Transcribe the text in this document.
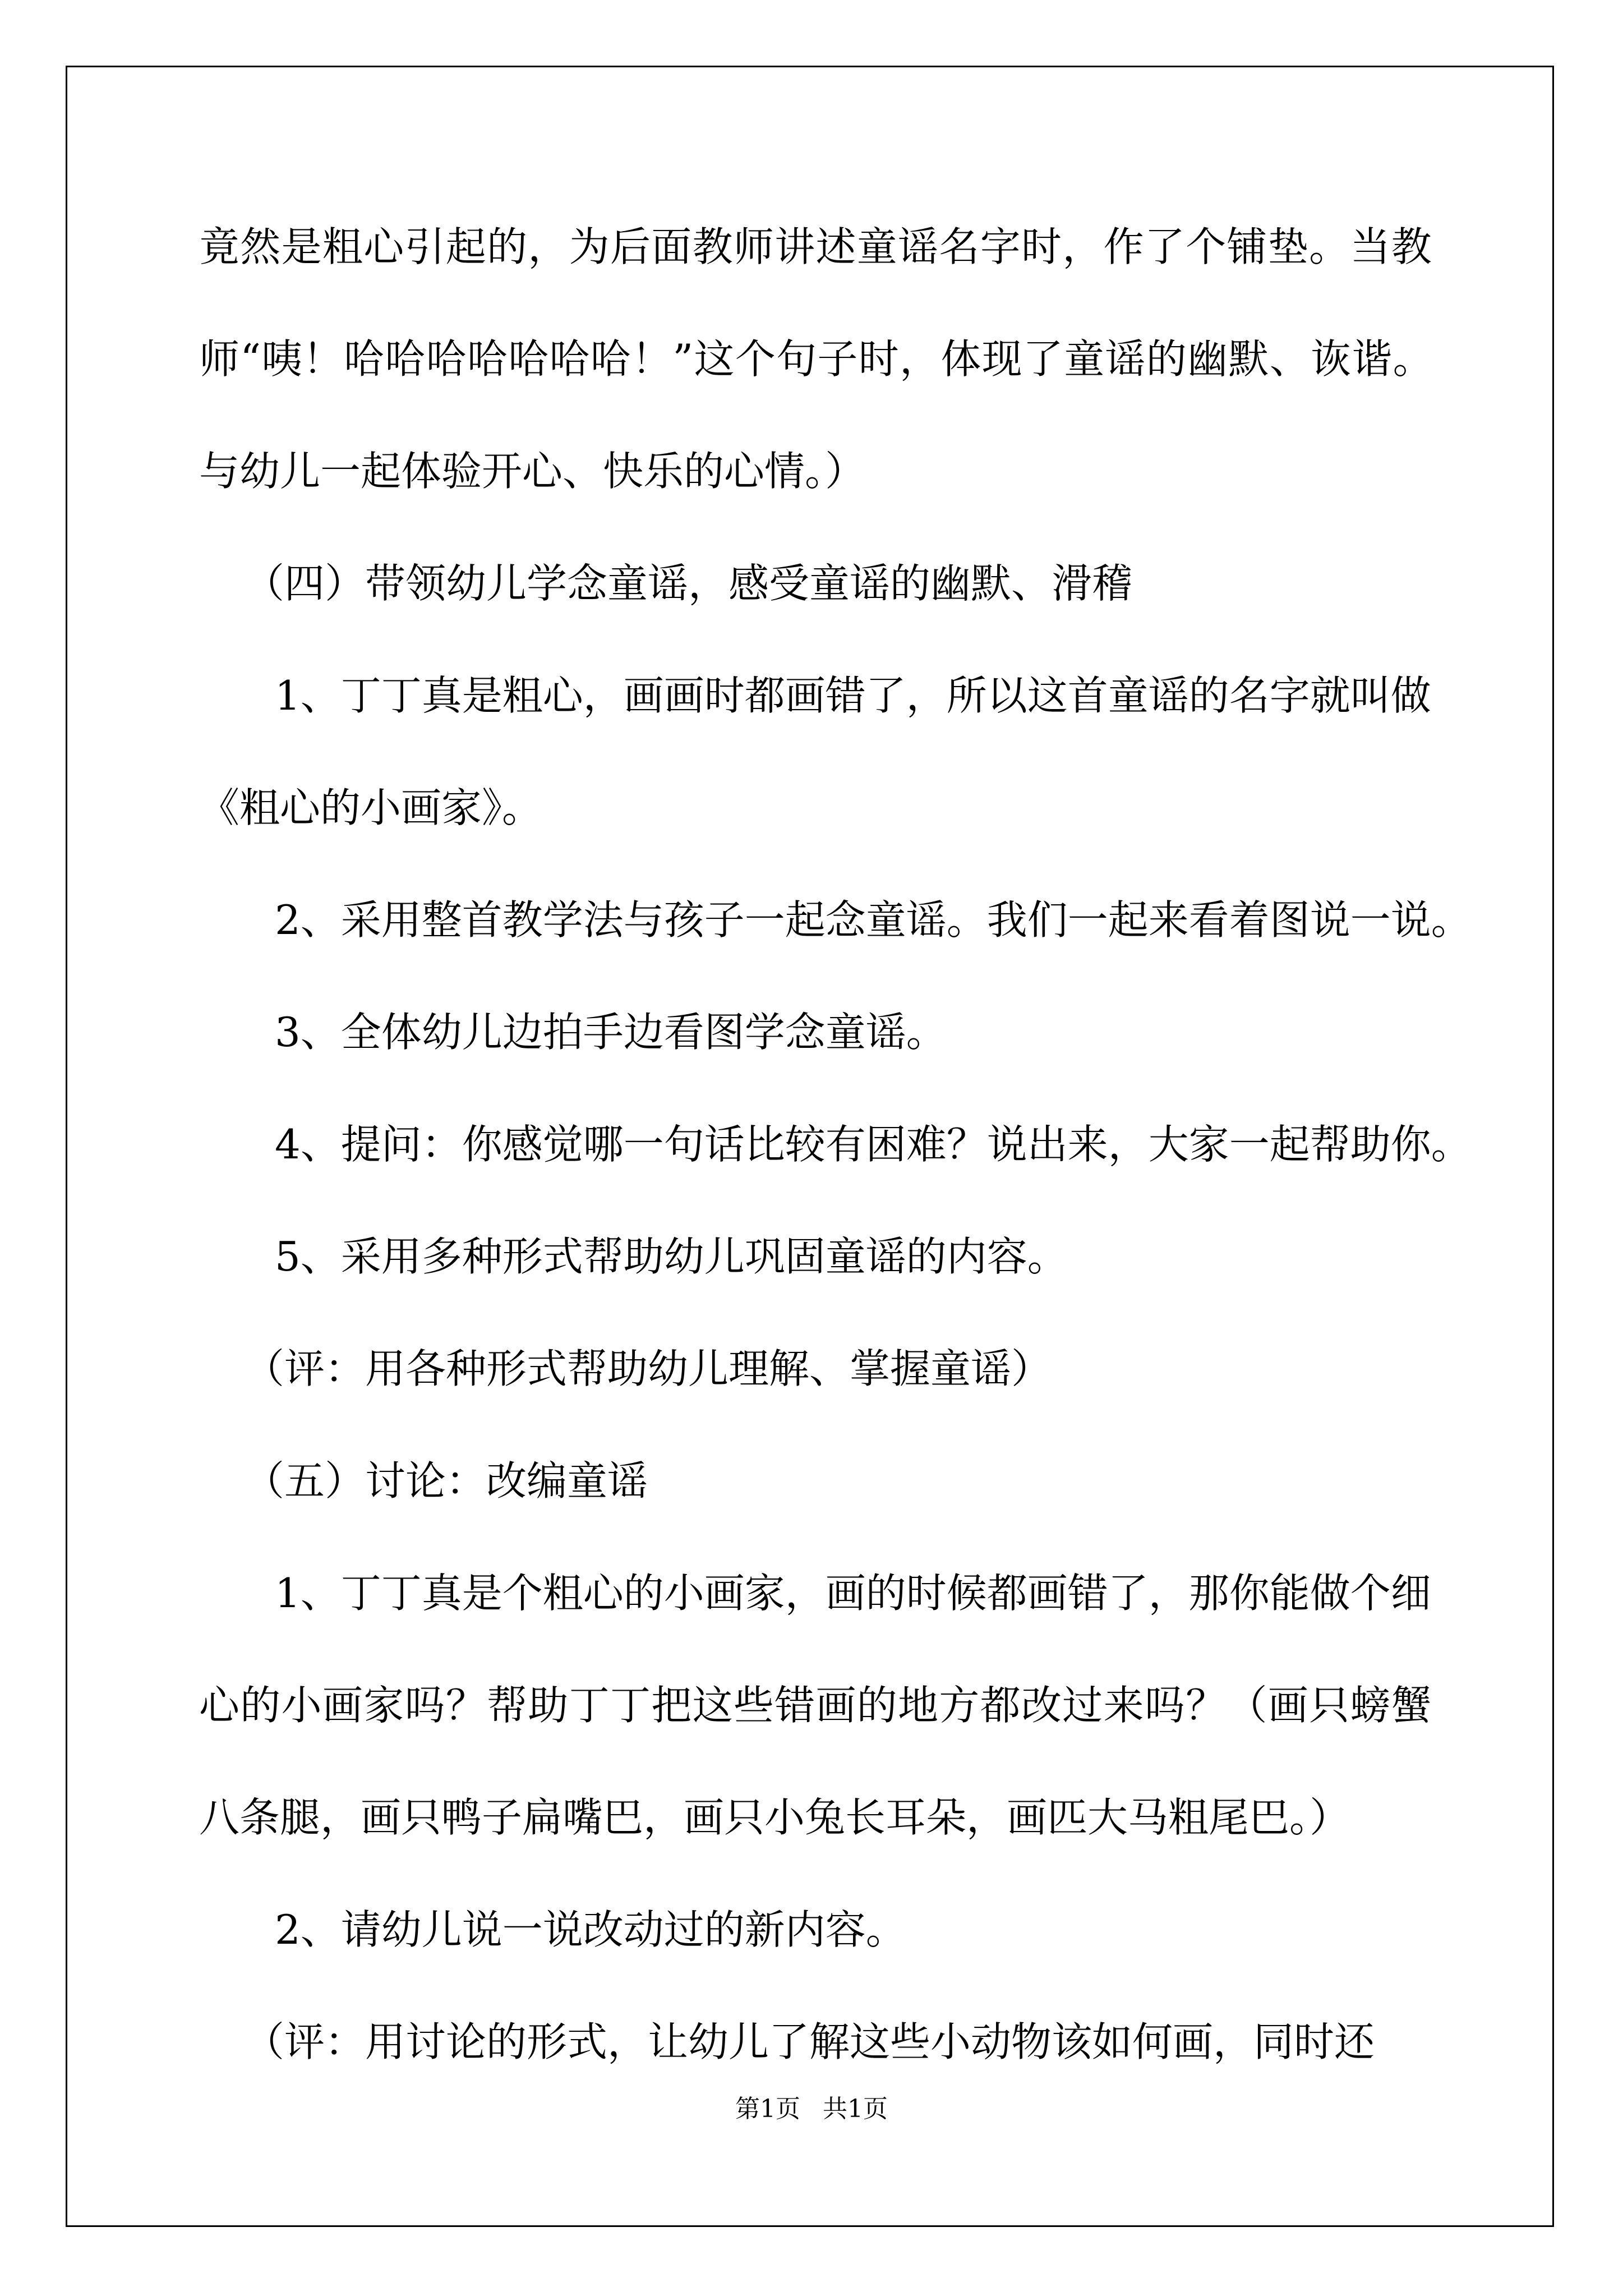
竟然是粗心引起的，为后面教师讲述童谣名字时，作了个铺垫。当教
师“咦！哈哈哈哈哈哈哈！”这个句子时，体现了童谣的幽默、诙谐。
与幼儿一起体验开心、快乐的心情。）
（四）带领幼儿学念童谣，感受童谣的幽默、滑稽
1、丁丁真是粗心，画画时都画错了，所以这首童谣的名字就叫做
《粗心的小画家》。
2、采用整首教学法与孩子一起念童谣。我们一起来看着图说一说。
3、全体幼儿边拍手边看图学念童谣。
4、提问：你感觉哪一句话比较有困难？说出来，大家一起帮助你。
5、采用多种形式帮助幼儿巩固童谣的内容。
（评：用各种形式帮助幼儿理解、掌握童谣）
（五）讨论：改编童谣
1、丁丁真是个粗心的小画家，画的时候都画错了，那你能做个细
心的小画家吗？帮助丁丁把这些错画的地方都改过来吗？（画只螃蟹
八条腿，画只鸭子扁嘴巴，画只小兔长耳朵，画匹大马粗尾巴。）
2、请幼儿说一说改动过的新内容。
（评：用讨论的形式，让幼儿了解这些小动物该如何画，同时还
第1页 共1页
